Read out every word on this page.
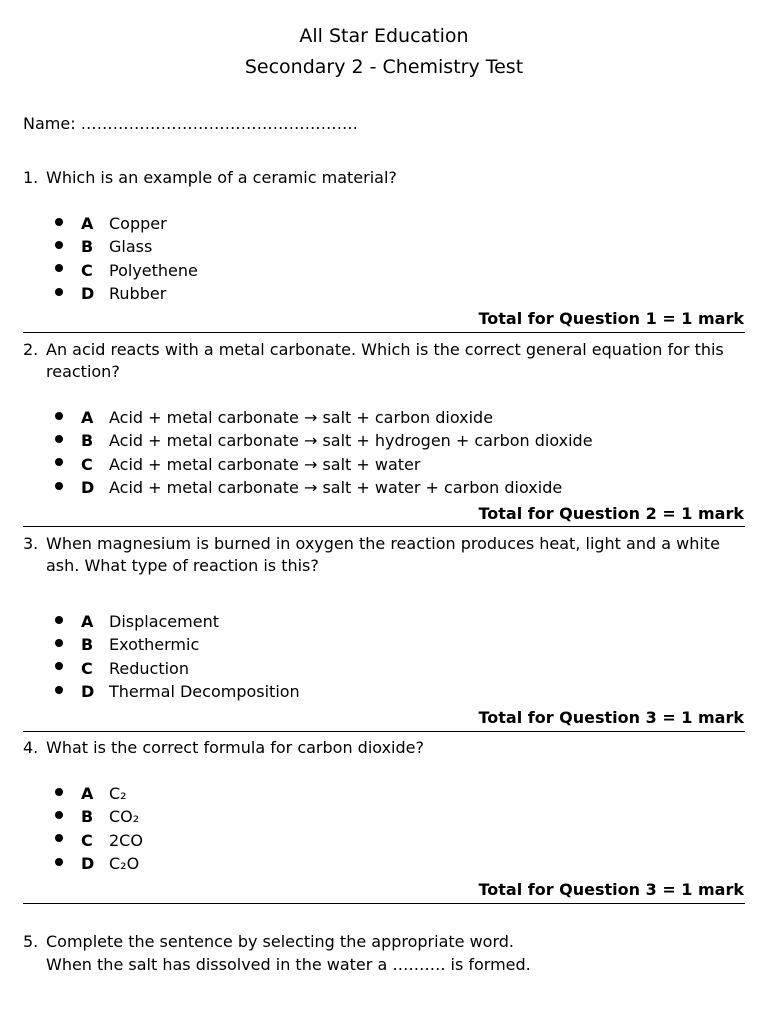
All Star Education
Secondary 2 - Chemistry Test
Name: …………………………………………….
1. Which is an example of a ceramic material?
A Copper
B Glass
C	Polyethene
D Rubber
Total for Question 1 = 1 mark
2. An acid reacts with a metal carbonate. Which is the correct general equation for this reaction?
A Acid + metal carbonate → salt + carbon dioxide
B Acid + metal carbonate → salt + hydrogen + carbon dioxide
C	Acid + metal carbonate → salt + water
D Acid + metal carbonate → salt + water + carbon dioxide
Total for Question 2 = 1 mark
3. When magnesium is burned in oxygen the reaction produces heat, light and a white ash. What type of reaction is this?
A Displacement
B Exothermic
C	Reduction
D Thermal Decomposition
Total for Question 3 = 1 mark
4. What is the correct formula for carbon dioxide?
A C₂
B CO₂
C	2CO
D C₂O
Total for Question 3 = 1 mark
5. Complete the sentence by selecting the appropriate word.
When the salt has dissolved in the water a ………. is formed.
